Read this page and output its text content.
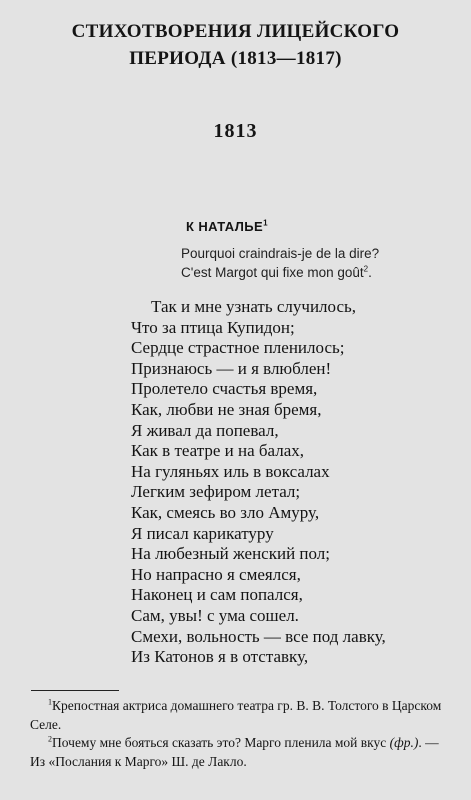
СТИХОТВОРЕНИЯ ЛИЦЕЙСКОГО
ПЕРИОДА (1813—1817)
1813
К НАТАЛЬЕ$^1$
Pourquoi craindrais-je de la dire?
C'est Margot qui fixe mon goût$^2$.
Так и мне узнать случилось,
Что за птица Купидон;
Сердце страстное пленилось;
Признаюсь — и я влюблен!
Пролетело счастья время,
Как, любви не зная бремя,
Я живал да попевал,
Как в театре и на балах,
На гуляньях иль в воксалах
Легким зефиром летал;
Как, смеясь во зло Амуру,
Я писал карикатуру
На любезный женский пол;
Но напрасно я смеялся,
Наконец и сам попался,
Сам, увы! с ума сошел.
Смехи, вольность — все под лавку,
Из Катонов я в отставку,
$^1$Крепостная актриса домашнего театра гр. В. В. Толстого в Царском Селе.
$^2$Почему мне бояться сказать это? Марго пленила мой вкус (фр.). — Из «Послания к Марго» Ш. де Лакло.
